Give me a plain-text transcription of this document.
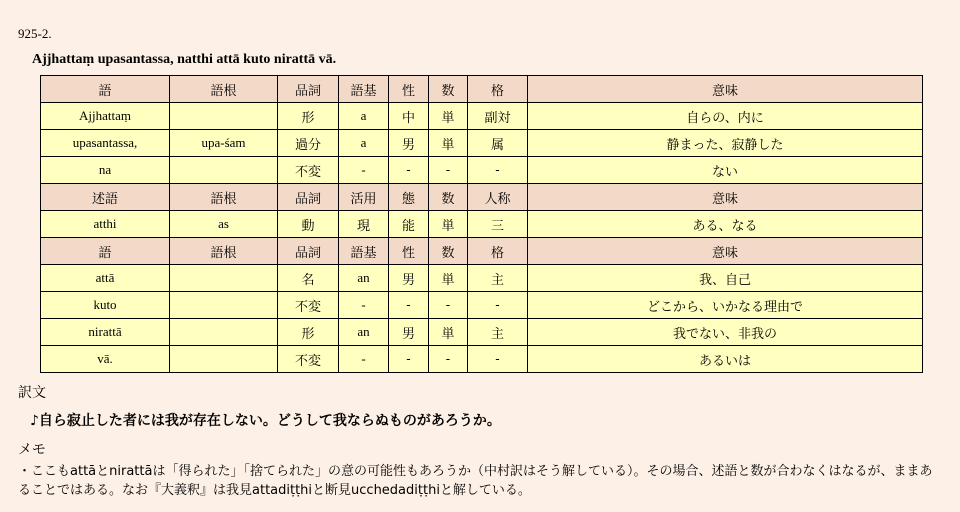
925-2.
Ajjhattaṃ upasantassa, natthi attā kuto nirattā vā.
語	語根	品詞	語基	性	数	格	意味
Ajjhattaṃ		形	a	中	単	副対	自らの、内に
upasantassa,	upa-śam	過分	a	男	単	属	静まった、寂静した
na		不変	-	-	-	-	ない
述語	語根	品詞	活用	態	数	人称	意味
atthi	as	動	現	能	単	三	ある、なる
語	語根	品詞	語基	性	数	格	意味
attā		名	an	男	単	主	我、自己
kuto		不変	-	-	-	-	どこから、いかなる理由で
nirattā		形	an	男	単	主	我でない、非我の
vā.		不変	-	-	-	-	あるいは
訳文
♪自ら寂止した者には我が存在しない。どうして我ならぬものがあろうか。
メモ
・ここもattāとnirattāは「得られた」「捨てられた」の意の可能性もあろうか（中村訳はそう解している）。その場合、述語と数が合わなくはなるが、ままあることではある。なお『大義釈』は我見attadiṭṭhiと断見ucchedadiṭṭhiと解している。
